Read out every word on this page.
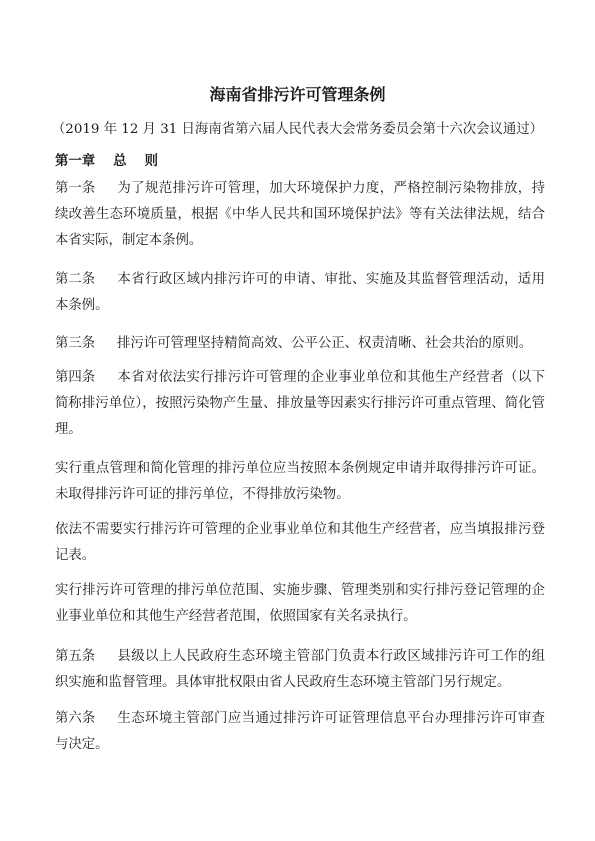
海南省排污许可管理条例
（2019 年 12 月 31 日海南省第六届人民代表大会常务委员会第十六次会议通过）
第一章 总 则
第一条 为了规范排污许可管理，加大环境保护力度，严格控制污染物排放，持续改善生态环境质量，根据《中华人民共和国环境保护法》等有关法律法规，结合本省实际，制定本条例。
第二条 本省行政区域内排污许可的申请、审批、实施及其监督管理活动，适用本条例。
第三条 排污许可管理坚持精简高效、公平公正、权责清晰、社会共治的原则。
第四条 本省对依法实行排污许可管理的企业事业单位和其他生产经营者（以下简称排污单位），按照污染物产生量、排放量等因素实行排污许可重点管理、简化管理。
实行重点管理和简化管理的排污单位应当按照本条例规定申请并取得排污许可证。未取得排污许可证的排污单位，不得排放污染物。
依法不需要实行排污许可管理的企业事业单位和其他生产经营者，应当填报排污登记表。
实行排污许可管理的排污单位范围、实施步骤、管理类别和实行排污登记管理的企业事业单位和其他生产经营者范围，依照国家有关名录执行。
第五条 县级以上人民政府生态环境主管部门负责本行政区域排污许可工作的组织实施和监督管理。具体审批权限由省人民政府生态环境主管部门另行规定。
第六条 生态环境主管部门应当通过排污许可证管理信息平台办理排污许可审查与决定。
